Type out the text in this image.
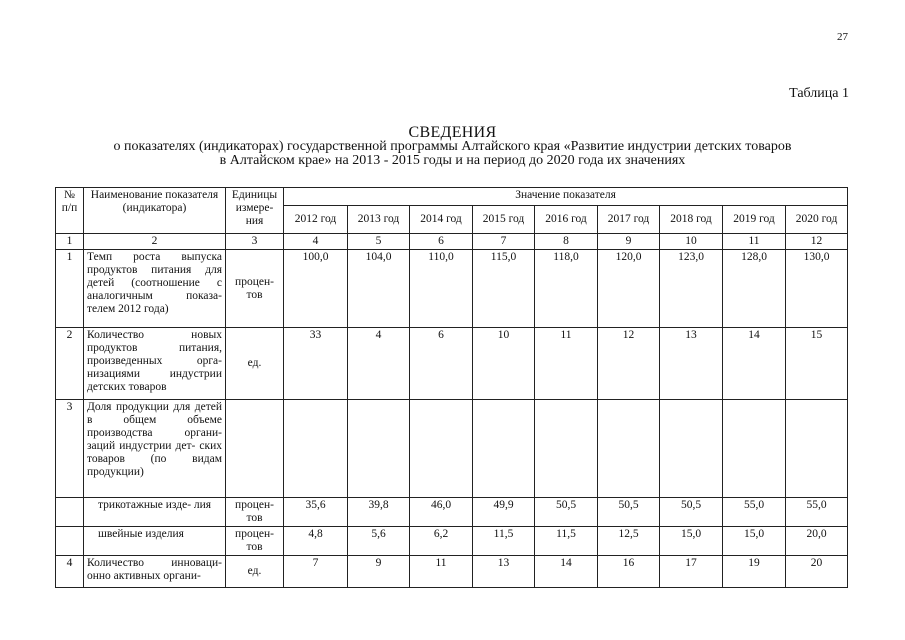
27
Таблица 1
СВЕДЕНИЯ
о показателях (индикаторах) государственной программы Алтайского края «Развитие индустрии детских товаров
в Алтайском крае» на 2013 - 2015 годы и на период до 2020 года их значениях
№ п/п	Наименование показателя (индикатора)	Единицы измере- ния	Значение показателя								
			2012 год	2013 год	2014 год	2015 год	2016 год	2017 год	2018 год	2019 год	2020 год
1	2	3	4	5	6	7	8	9	10	11	12
1	Темп роста выпуска продуктов питания для детей (соотношение с аналогичным показа- телем 2012 года)	процен- тов	100,0	104,0	110,0	115,0	118,0	120,0	123,0	128,0	130,0
2	Количество новых продуктов питания, произведенных орга- низациями индустрии детских товаров	ед.	33	4	6	10	11	12	13	14	15
3	Доля продукции для детей в общем объеме производства органи- заций индустрии дет- ских товаров (по видам продукции)										
	трикотажные изде- лия	процен- тов	35,6	39,8	46,0	49,9	50,5	50,5	50,5	55,0	55,0
	швейные изделия	процен- тов	4,8	5,6	6,2	11,5	11,5	12,5	15,0	15,0	20,0
4	Количество инноваци- онно активных органи-	ед.	7	9	11	13	14	16	17	19	20
